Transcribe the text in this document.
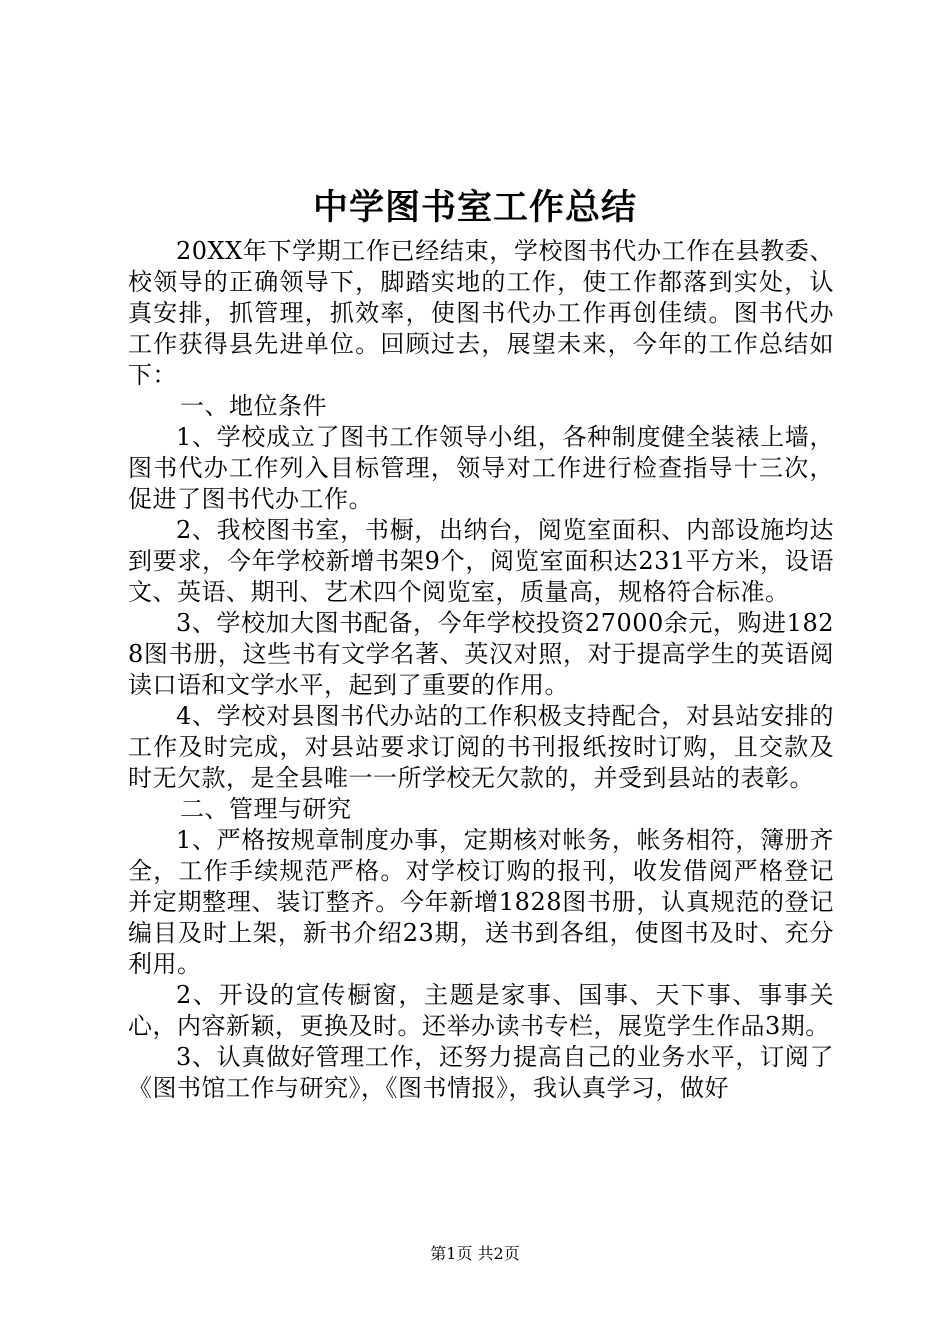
中学图书室工作总结

20XX年下学期工作已经结束，学校图书代办工作在县教委、校领导的正确领导下，脚踏实地的工作，使工作都落到实处，认真安排，抓管理，抓效率，使图书代办工作再创佳绩。图书代办工作获得县先进单位。回顾过去，展望未来，今年的工作总结如下：

一、地位条件

1、学校成立了图书工作领导小组，各种制度健全装裱上墙，图书代办工作列入目标管理，领导对工作进行检查指导十三次，促进了图书代办工作。

2、我校图书室，书橱，出纳台，阅览室面积、内部设施均达到要求，今年学校新增书架9个，阅览室面积达231平方米，设语文、英语、期刊、艺术四个阅览室，质量高，规格符合标准。

3、学校加大图书配备，今年学校投资27000余元，购进1828图书册，这些书有文学名著、英汉对照，对于提高学生的英语阅读口语和文学水平，起到了重要的作用。

4、学校对县图书代办站的工作积极支持配合，对县站安排的工作及时完成，对县站要求订阅的书刊报纸按时订购，且交款及时无欠款，是全县唯一一所学校无欠款的，并受到县站的表彰。

二、管理与研究

1、严格按规章制度办事，定期核对帐务，帐务相符，簿册齐全，工作手续规范严格。对学校订购的报刊，收发借阅严格登记并定期整理、装订整齐。今年新增1828图书册，认真规范的登记编目及时上架，新书介绍23期，送书到各组，使图书及时、充分利用。

2、开设的宣传橱窗，主题是家事、国事、天下事、事事关心，内容新颖，更换及时。还举办读书专栏，展览学生作品3期。

3、认真做好管理工作，还努力提高自己的业务水平，订阅了《图书馆工作与研究》，《图书情报》，我认真学习，做好

第1页 共2页
